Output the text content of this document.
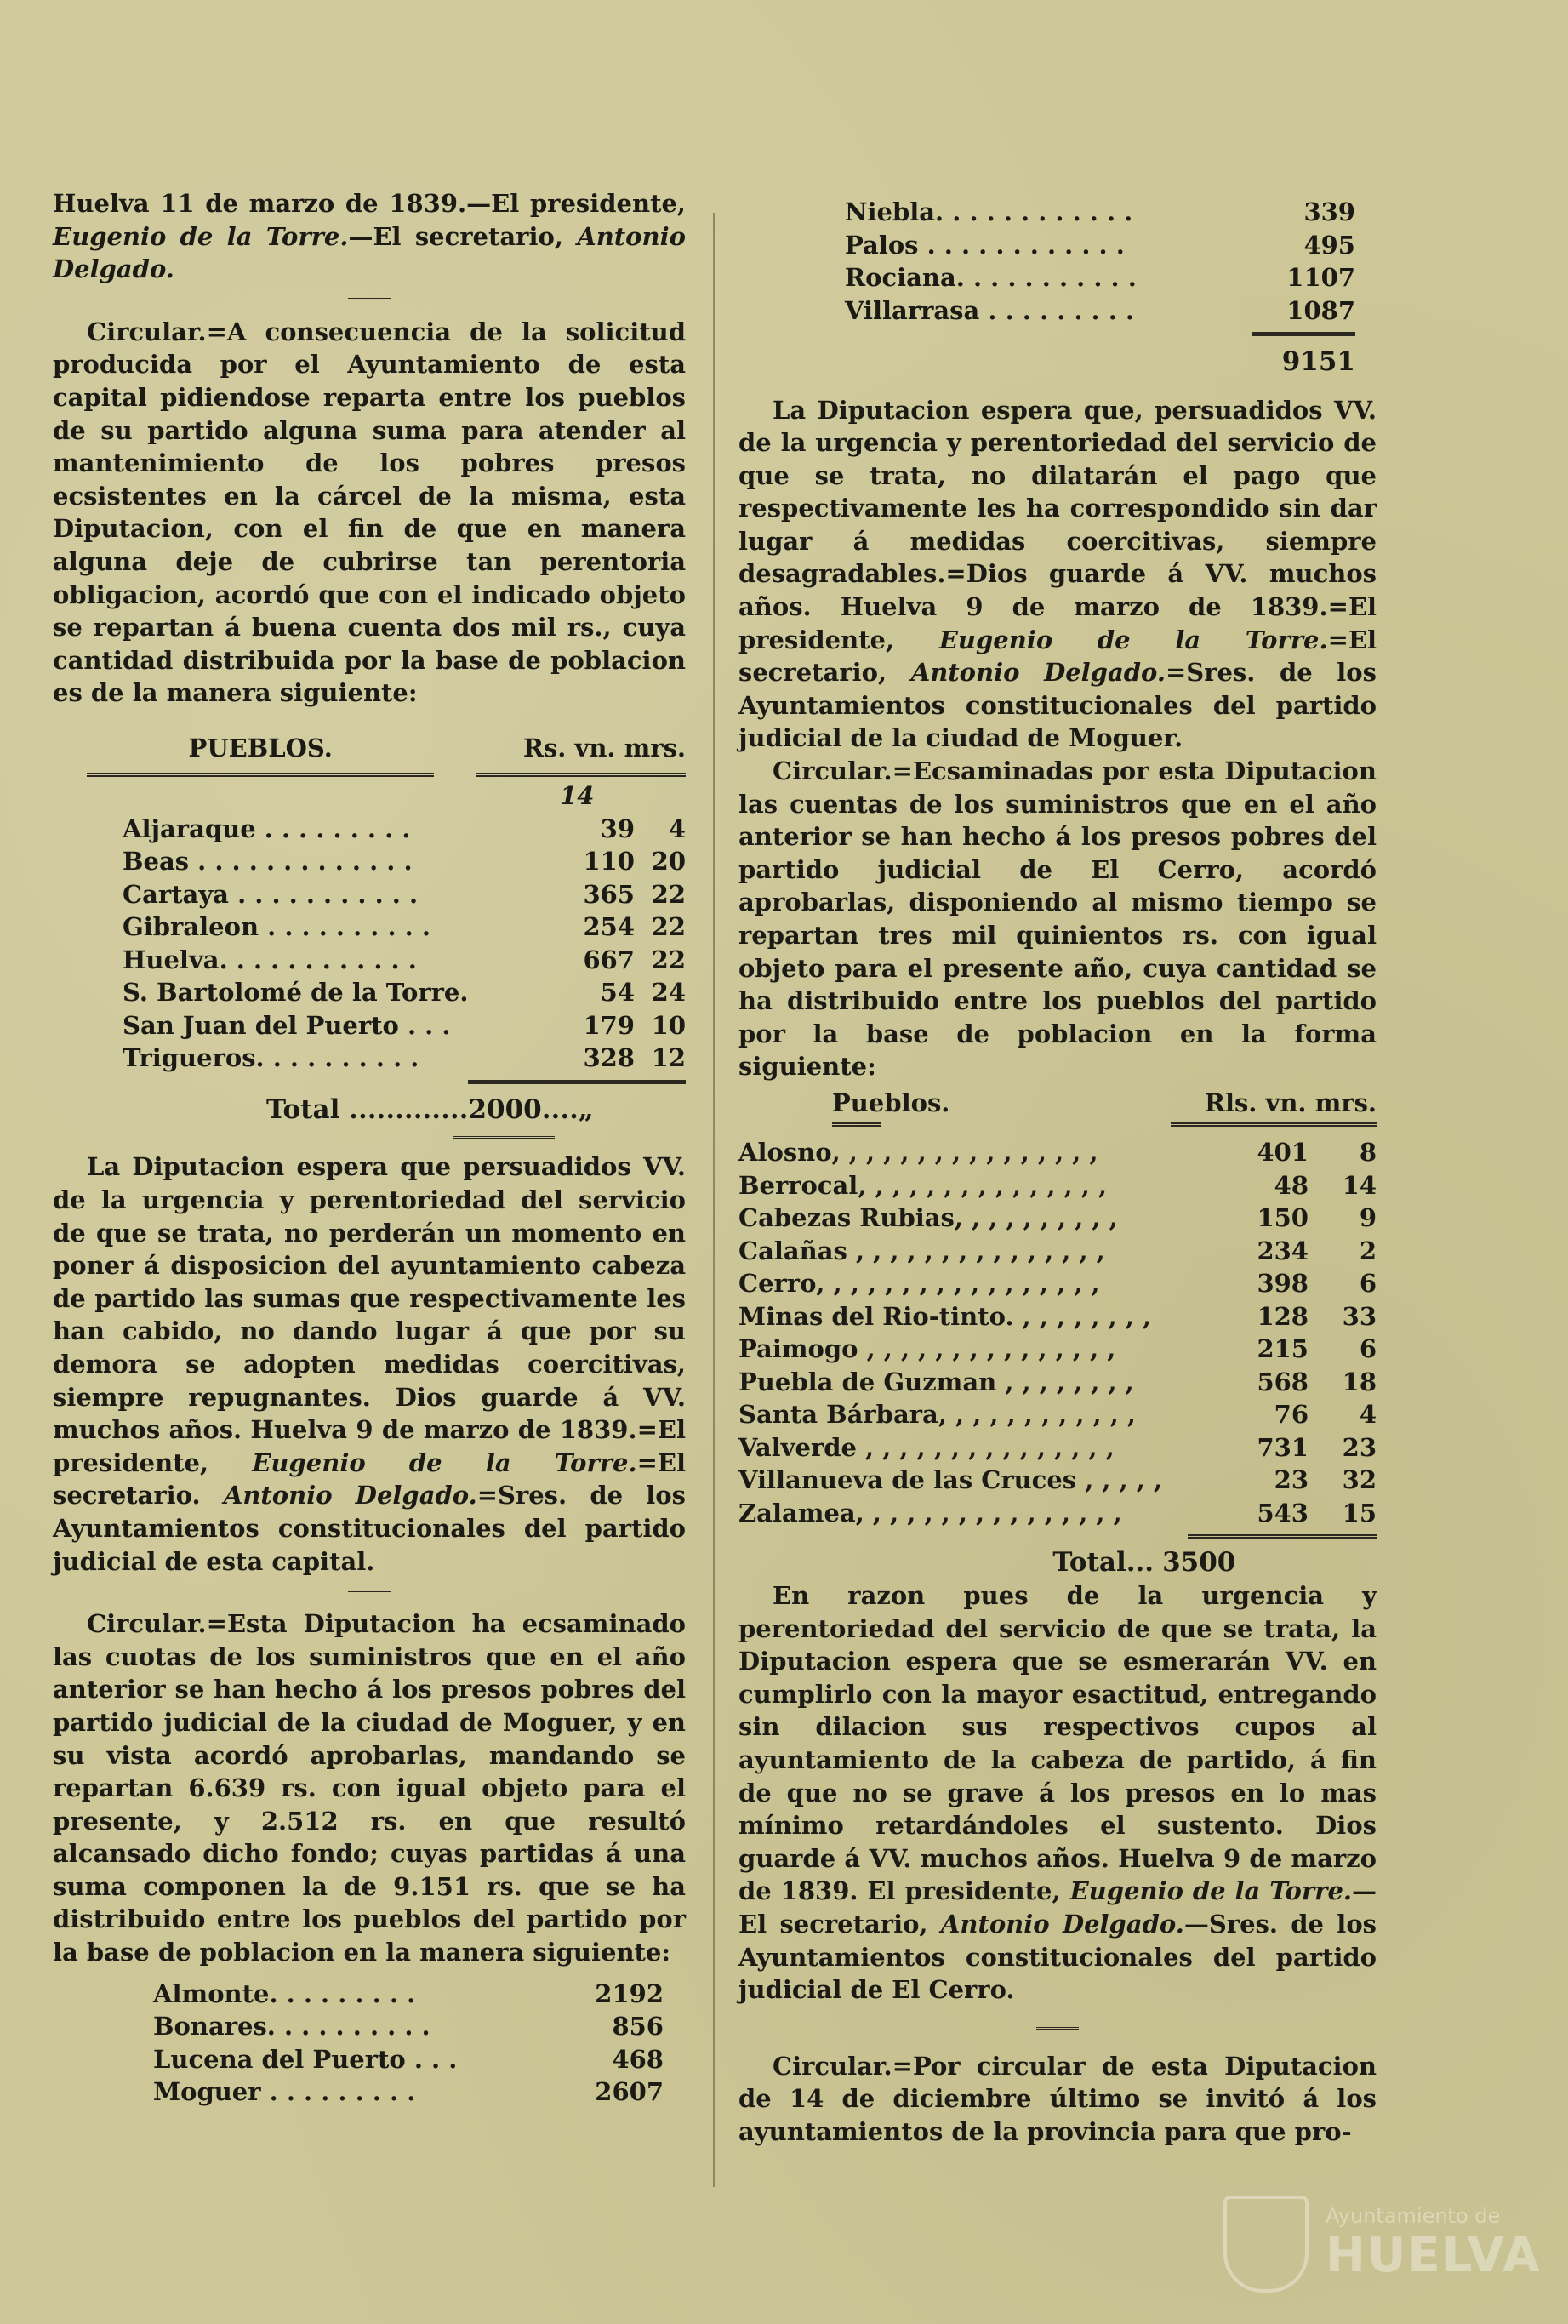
Huelva 11 de marzo de 1839.—El presidente, Eugenio de la Torre.—El secretario, Antonio Delgado.

Circular.=A consecuencia de la solicitud producida por el Ayuntamiento de esta capital pidiendose reparta entre los pueblos de su partido alguna suma para atender al mantenimiento de los pobres presos ecsistentes en la cárcel de la misma, esta Diputacion, con el fin de que en manera alguna deje de cubrirse tan perentoria obligacion, acordó que con el indicado objeto se repartan á buena cuenta dos mil rs., cuya cantidad distribuida por la base de poblacion es de la manera siguiente:

PUEBLOS.	Rs. vn. mrs.	

	14	
Aljaraque . . . . . . . . .	39	4
Beas . . . . . . . . . . . . .	110	20
Cartaya . . . . . . . . . . .	365	22
Gibraleon . . . . . . . . . .	254	22
Huelva. . . . . . . . . . . .	667	22
S. Bartolomé de la Torre.	54	24
San Juan del Puerto . . .	179	10
Trigueros. . . . . . . . . .	328	12

Total .............	2000....„	

La Diputacion espera que persuadidos VV. de la urgencia y perentoriedad del servicio de que se trata, no perderán un momento en poner á disposicion del ayuntamiento cabeza de partido las sumas que respectivamente les han cabido, no dando lugar á que por su demora se adopten medidas coercitivas, siempre repugnantes. Dios guarde á VV. muchos años. Huelva 9 de marzo de 1839.=El presidente, Eugenio de la Torre.=El secretario. Antonio Delgado.=Sres. de los Ayuntamientos constitucionales del partido judicial de esta capital.

Circular.=Esta Diputacion ha ecsaminado las cuotas de los suministros que en el año anterior se han hecho á los presos pobres del partido judicial de la ciudad de Moguer, y en su vista acordó aprobarlas, mandando se repartan 6.639 rs. con igual objeto para el presente, y 2.512 rs. en que resultó alcansado dicho fondo; cuyas partidas á una suma componen la de 9.151 rs. que se ha distribuido entre los pueblos del partido por la base de poblacion en la manera siguiente:

Almonte. . . . . . . . .	2192
Bonares. . . . . . . . . .	856
Lucena del Puerto . . .	468
Moguer . . . . . . . . .	2607
Niebla. . . . . . . . . . . .	339
Palos . . . . . . . . . . . .	495
Rociana. . . . . . . . . . .	1107
Villarrasa . . . . . . . . .	1087

	9151

La Diputacion espera que, persuadidos VV. de la urgencia y perentoriedad del servicio de que se trata, no dilatarán el pago que respectivamente les ha correspondido sin dar lugar á medidas coercitivas, siempre desagradables.=Dios guarde á VV. muchos años. Huelva 9 de marzo de 1839.=El presidente, Eugenio de la Torre.=El secretario, Antonio Delgado.=Sres. de los Ayuntamientos constitucionales del partido judicial de la ciudad de Moguer.

Circular.=Ecsaminadas por esta Diputacion las cuentas de los suministros que en el año anterior se han hecho á los presos pobres del partido judicial de El Cerro, acordó aprobarlas, disponiendo al mismo tiempo se repartan tres mil quinientos rs. con igual objeto para el presente año, cuya cantidad se ha distribuido entre los pueblos del partido por la base de poblacion en la forma siguiente:

Pueblos.	Rls. vn. mrs.	

Alosno, , , , , , , , , , , , , , , ,	401	8
Berrocal, , , , , , , , , , , , , , ,	48	14
Cabezas Rubias, , , , , , , , , ,	150	9
Calañas , , , , , , , , , , , , , , ,	234	2
Cerro, , , , , , , , , , , , , , , , ,	398	6
Minas del Rio-tinto. , , , , , , , ,	128	33
Paimogo , , , , , , , , , , , , , , ,	215	6
Puebla de Guzman , , , , , , , ,	568	18
Santa Bárbara, , , , , , , , , , , ,	76	4
Valverde , , , , , , , , , , , , , , ,	731	23
Villanueva de las Cruces , , , , ,	23	32
Zalamea, , , , , , , , , , , , , , , ,	543	15

Total...	3500	

En razon pues de la urgencia y perentoriedad del servicio de que se trata, la Diputacion espera que se esmerarán VV. en cumplirlo con la mayor esactitud, entregando sin dilacion sus respectivos cupos al ayuntamiento de la cabeza de partido, á fin de que no se grave á los presos en lo mas mínimo retardándoles el sustento. Dios guarde á VV. muchos años. Huelva 9 de marzo de 1839. El presidente, Eugenio de la Torre.—El secretario, Antonio Delgado.—Sres. de los Ayuntamientos constitucionales del partido judicial de El Cerro.

Circular.=Por circular de esta Diputacion de 14 de diciembre último se invitó á los ayuntamientos de la provincia para que pro-

Ayuntamiento de
HUELVA
